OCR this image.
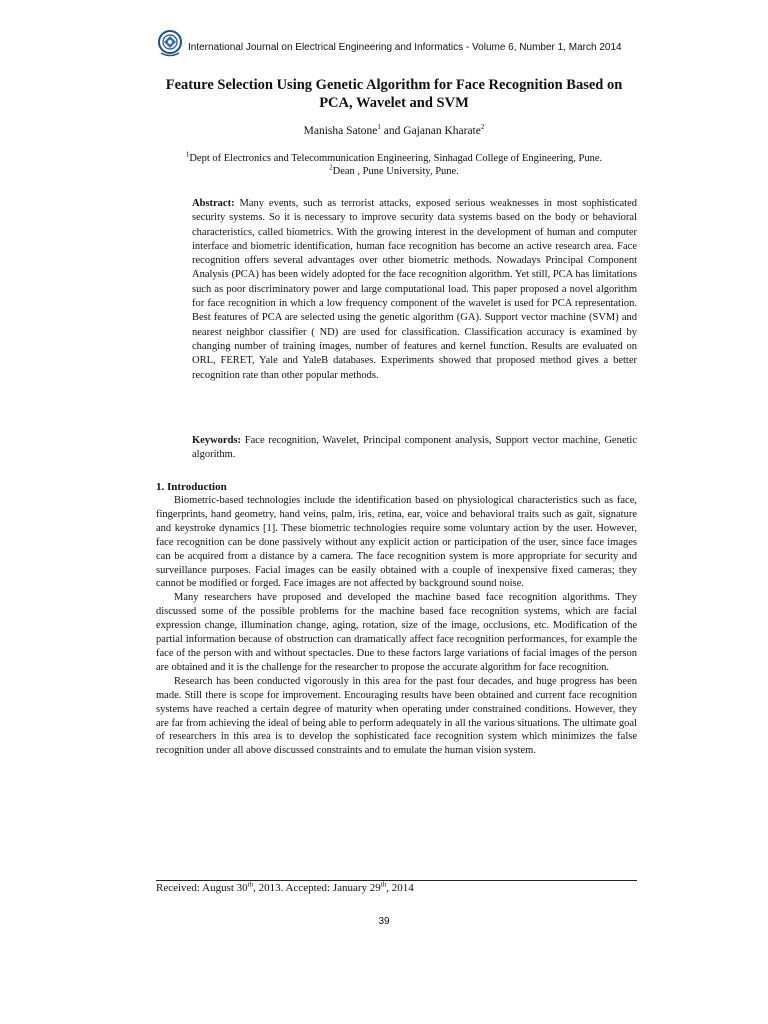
International Journal on Electrical Engineering and Informatics - Volume 6, Number 1, March 2014
Feature Selection Using Genetic Algorithm for Face Recognition Based on PCA, Wavelet and SVM
Manisha Satone$^1$ and Gajanan Kharate$^2$
$^1$Dept of Electronics and Telecommunication Engineering, Sinhagad College of Engineering, Pune.
$^2$Dean , Pune University, Pune.

Abstract: Many events, such as terrorist attacks, exposed serious weaknesses in most sophisticated security systems. So it is necessary to improve security data systems based on the body or behavioral characteristics, called biometrics. With the growing interest in the development of human and computer interface and biometric identification, human face recognition has become an active research area. Face recognition offers several advantages over other biometric methods. Nowadays Principal Component Analysis (PCA) has been widely adopted for the face recognition algorithm. Yet still, PCA has limitations such as poor discriminatory power and large computational load. This paper proposed a novel algorithm for face recognition in which a low frequency component of the wavelet is used for PCA representation. Best features of PCA are selected using the genetic algorithm (GA). Support vector machine (SVM) and nearest neighbor classifier ( ND) are used for classification. Classification accuracy is examined by changing number of training images, number of features and kernel function. Results are evaluated on ORL, FERET, Yale and YaleB databases. Experiments showed that proposed method gives a better recognition rate than other popular methods.

Keywords: Face recognition, Wavelet, Principal component analysis, Support vector machine, Genetic algorithm.

1. Introduction

Biometric-based technologies include the identification based on physiological characteristics such as face, fingerprints, hand geometry, hand veins, palm, iris, retina, ear, voice and behavioral traits such as gait, signature and keystroke dynamics [1]. These biometric technologies require some voluntary action by the user. However, face recognition can be done passively without any explicit action or participation of the user, since face images can be acquired from a distance by a camera. The face recognition system is more appropriate for security and surveillance purposes. Facial images can be easily obtained with a couple of inexpensive fixed cameras; they cannot be modified or forged. Face images are not affected by background sound noise.

Many researchers have proposed and developed the machine based face recognition algorithms. They discussed some of the possible problems for the machine based face recognition systems, which are facial expression change, illumination change, aging, rotation, size of the image, occlusions, etc. Modification of the partial information because of obstruction can dramatically affect face recognition performances, for example the face of the person with and without spectacles. Due to these factors large variations of facial images of the person are obtained and it is the challenge for the researcher to propose the accurate algorithm for face recognition.

Research has been conducted vigorously in this area for the past four decades, and huge progress has been made. Still there is scope for improvement. Encouraging results have been obtained and current face recognition systems have reached a certain degree of maturity when operating under constrained conditions. However, they are far from achieving the ideal of being able to perform adequately in all the various situations. The ultimate goal of researchers in this area is to develop the sophisticated face recognition system which minimizes the false recognition under all above discussed constraints and to emulate the human vision system.

Received: August 30th, 2013. Accepted: January 29th, 2014
39
